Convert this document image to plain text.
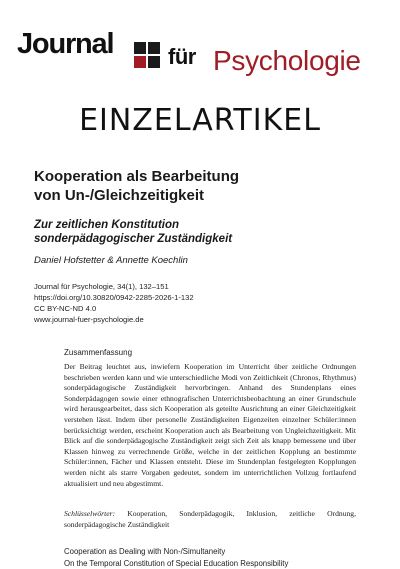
Journal für Psychologie
EINZELARTIKEL
Kooperation als Bearbeitung
von Un-/Gleichzeitigkeit
Zur zeitlichen Konstitution
sonderpädagogischer Zuständigkeit
Daniel Hofstetter & Annette Koechlin
Journal für Psychologie, 34(1), 132–151
https://doi.org/10.30820/0942-2285-2026-1-132
CC BY-NC-ND 4.0
www.journal-fuer-psychologie.de
Zusammenfassung
Der Beitrag leuchtet aus, inwiefern Kooperation im Unterricht über zeitliche Ordnungen beschrieben werden kann und wie unterschiedliche Modi von Zeitlichkeit (Chronos, Rhythmus) sonderpädagogische Zuständigkeit hervorbringen. Anhand des Stundenplans eines Sonderpädagogen sowie einer ethnografischen Unterrichtsbeobachtung an einer Grundschule wird herausgearbeitet, dass sich Kooperation als geteilte Ausrichtung an einer Gleichzeitigkeit verstehen lässt. Indem über personelle Zuständigkeiten Eigenzeiten einzelner Schüler:innen berücksichtigt werden, erscheint Kooperation auch als Bearbeitung von Ungleichzeitigkeit. Mit Blick auf die sonderpädagogische Zuständigkeit zeigt sich Zeit als knapp bemessene und über Klassen hinweg zu verrechnende Größe, welche in der zeitlichen Kopplung an bestimmte Schüler:innen, Fächer und Klassen entsteht. Diese im Stundenplan festgelegten Kopplungen werden nicht als starre Vorgaben gedeutet, sondern im unterrichtlichen Vollzug fortlaufend aktualisiert und neu abgestimmt.
Schlüsselwörter: Kooperation, Sonderpädagogik, Inklusion, zeitliche Ordnung, sonderpädagogische Zuständigkeit
Cooperation as Dealing with Non-/Simultaneity
On the Temporal Constitution of Special Education Responsibility
